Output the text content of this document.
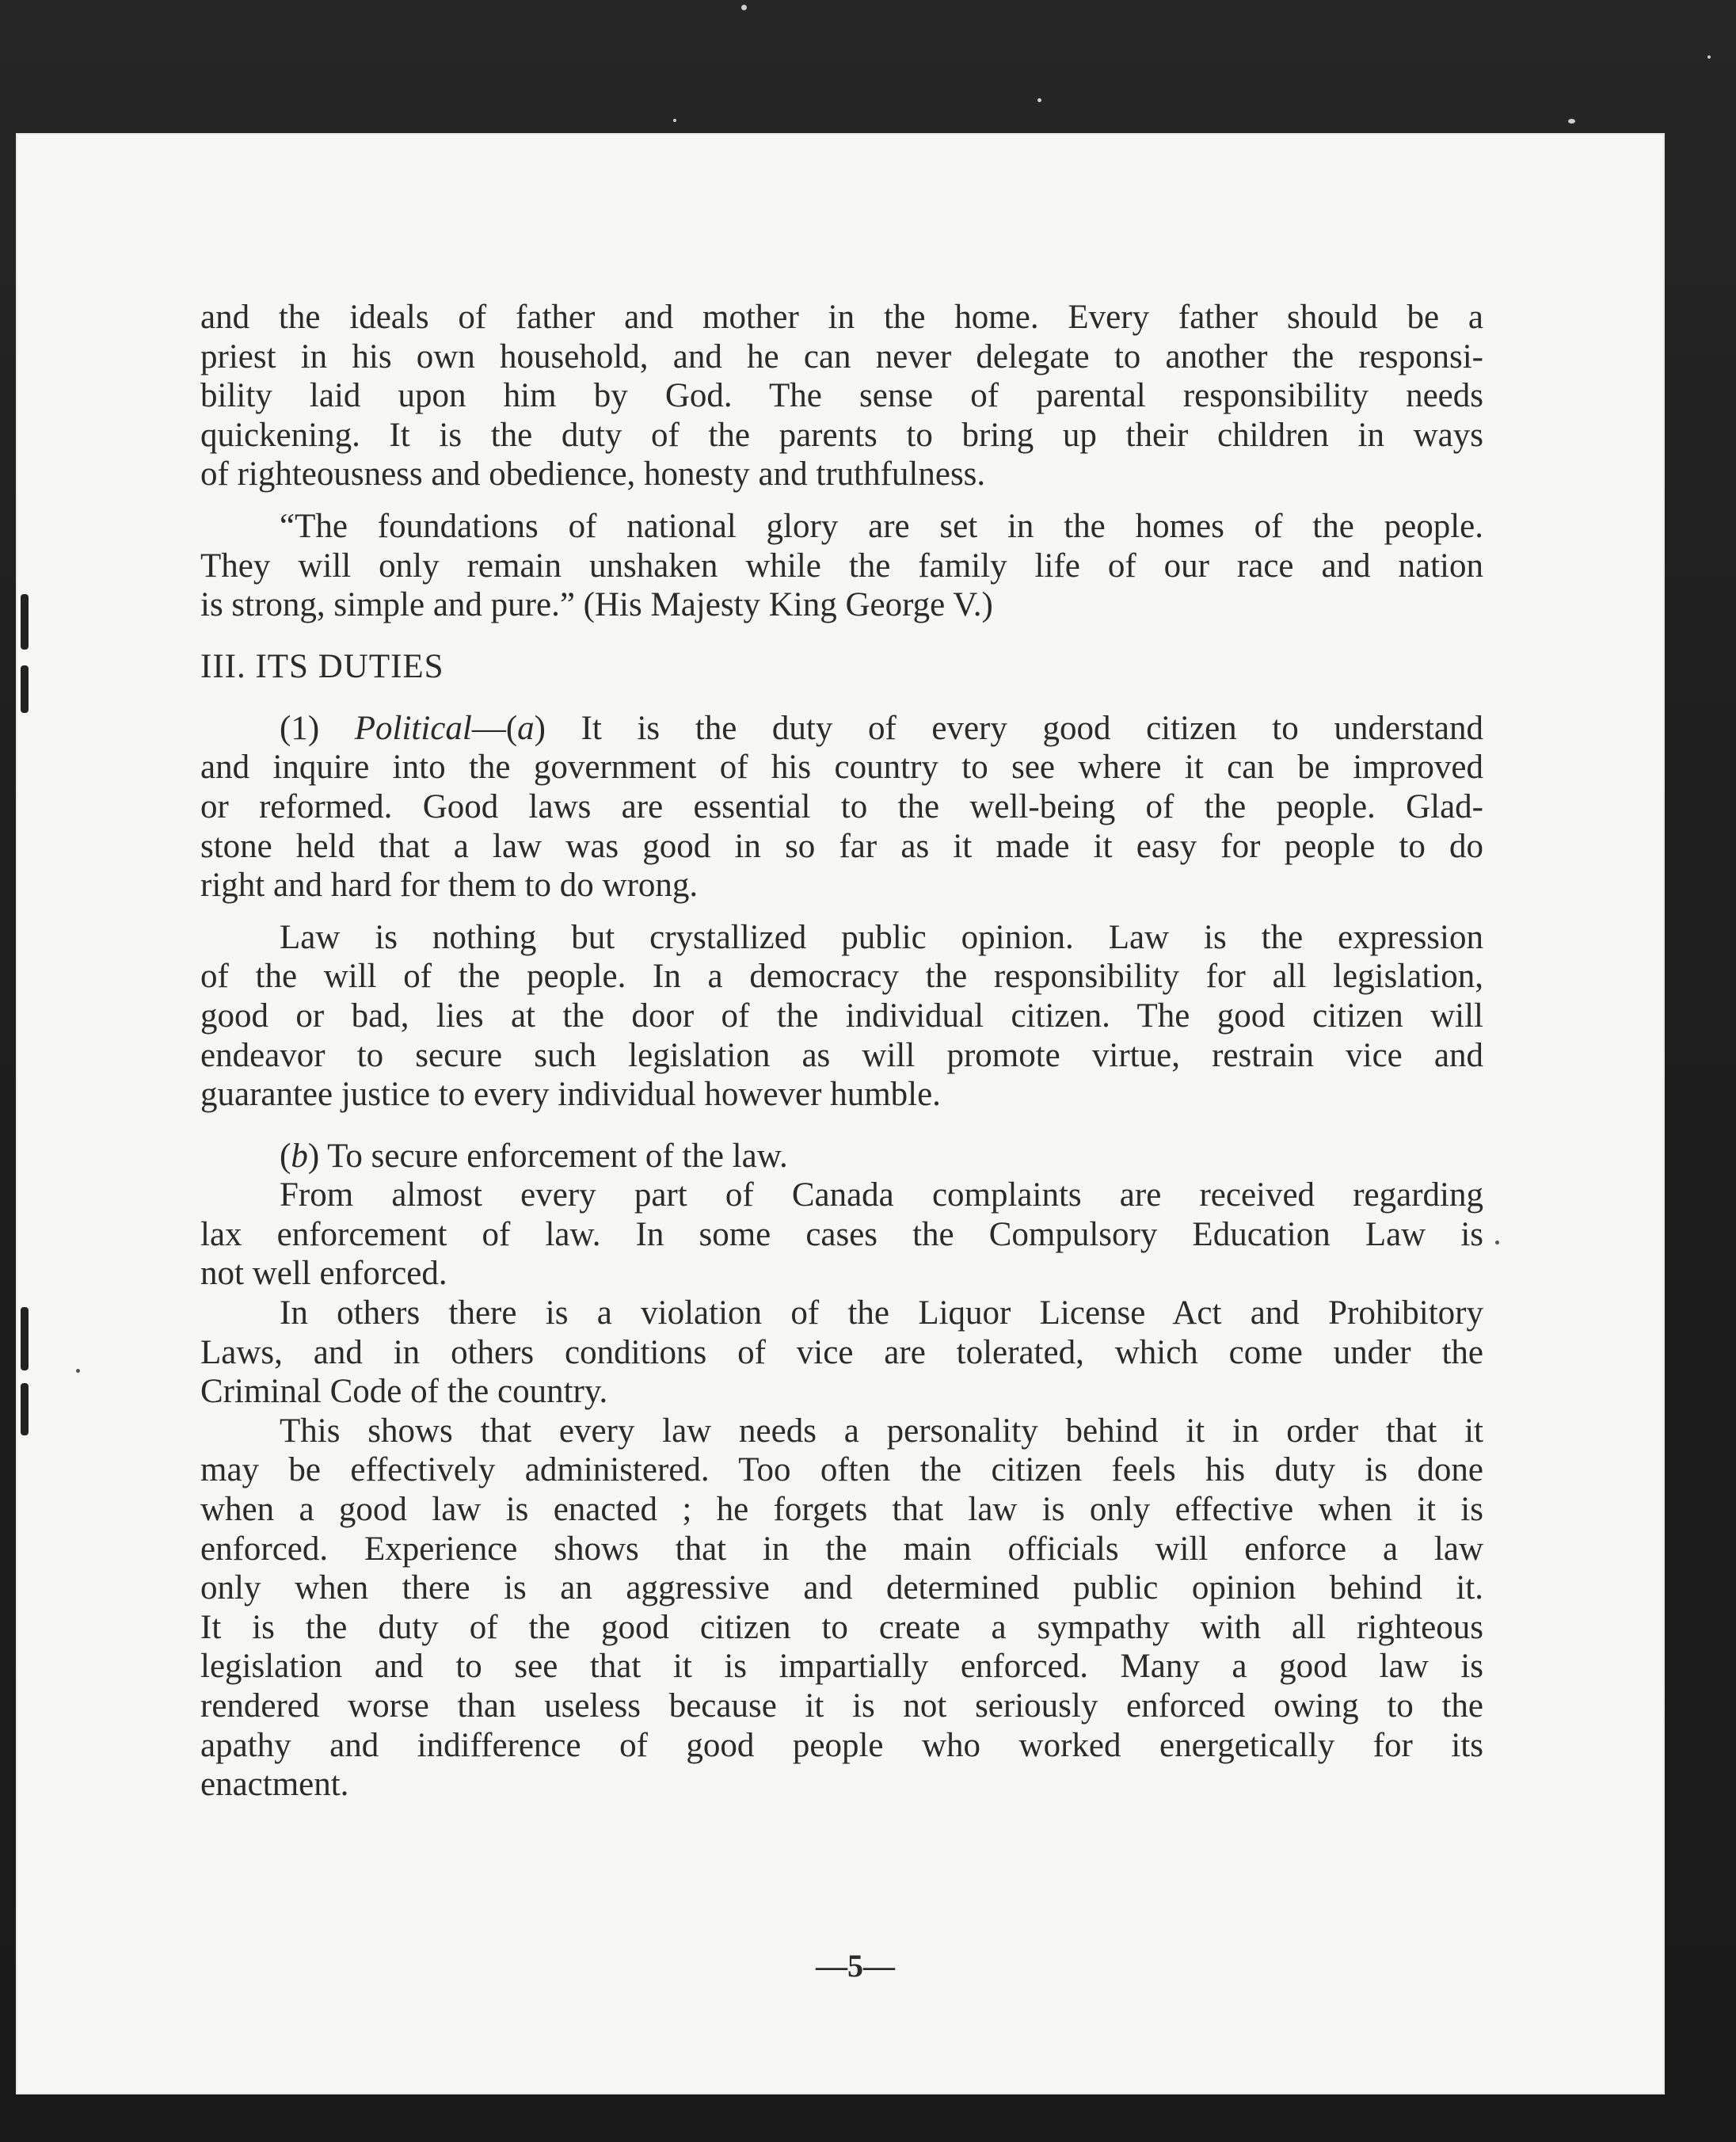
and the ideals of father and mother in the home. Every father should be a

priest in his own household, and he can never delegate to another the responsi-

bility laid upon him by God. The sense of parental responsibility needs

quickening. It is the duty of the parents to bring up their children in ways

of righteousness and obedience, honesty and truthfulness.

“The foundations of national glory are set in the homes of the people.

They will only remain unshaken while the family life of our race and nation

is strong, simple and pure.” (His Majesty King George V.)

III. ITS DUTIES

(1) Political—(a) It is the duty of every good citizen to understand

and inquire into the government of his country to see where it can be improved

or reformed. Good laws are essential to the well-being of the people. Glad-

stone held that a law was good in so far as it made it easy for people to do

right and hard for them to do wrong.

Law is nothing but crystallized public opinion. Law is the expression

of the will of the people. In a democracy the responsibility for all legislation,

good or bad, lies at the door of the individual citizen. The good citizen will

endeavor to secure such legislation as will promote virtue, restrain vice and

guarantee justice to every individual however humble.

(b) To secure enforcement of the law.

From almost every part of Canada complaints are received regarding

lax enforcement of law. In some cases the Compulsory Education Law is

not well enforced.

In others there is a violation of the Liquor License Act and Prohibitory

Laws, and in others conditions of vice are tolerated, which come under the

Criminal Code of the country.

This shows that every law needs a personality behind it in order that it

may be effectively administered. Too often the citizen feels his duty is done

when a good law is enacted ; he forgets that law is only effective when it is

enforced. Experience shows that in the main officials will enforce a law

only when there is an aggressive and determined public opinion behind it.

It is the duty of the good citizen to create a sympathy with all righteous

legislation and to see that it is impartially enforced. Many a good law is

rendered worse than useless because it is not seriously enforced owing to the

apathy and indifference of good people who worked energetically for its

enactment.

—5—
